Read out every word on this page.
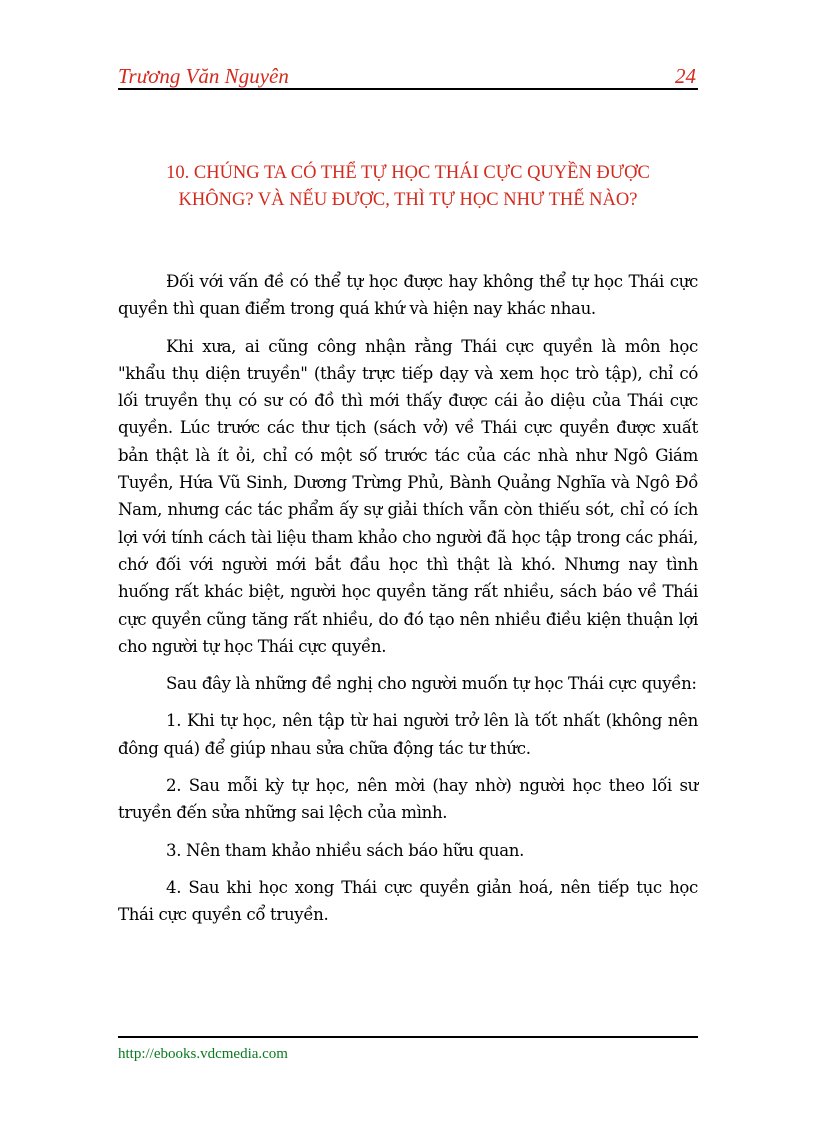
Trương Văn Nguyên	24
10. CHÚNG TA CÓ THỂ TỰ HỌC THÁI CỰC QUYỀN ĐƯỢC
KHÔNG? VÀ NẾU ĐƯỢC, THÌ TỰ HỌC NHƯ THẾ NÀO?

Đối với vấn đề có thể tự học được hay không thể tự học Thái cực quyền thì quan điểm trong quá khứ và hiện nay khác nhau.

Khi xưa, ai cũng công nhận rằng Thái cực quyền là môn học "khẩu thụ diện truyền" (thầy trực tiếp dạy và xem học trò tập), chỉ có lối truyền thụ có sư có đồ thì mới thấy được cái ảo diệu của Thái cực quyền. Lúc trước các thư tịch (sách vở) về Thái cực quyền được xuất bản thật là ít ỏi, chỉ có một số trước tác của các nhà như Ngô Giám Tuyền, Hứa Vũ Sinh, Dương Trừng Phủ, Bành Quảng Nghĩa và Ngô Đồ Nam, nhưng các tác phẩm ấy sự giải thích vẫn còn thiếu sót, chỉ có ích lợi với tính cách tài liệu tham khảo cho người đã học tập trong các phái, chớ đối với người mới bắt đầu học thì thật là khó. Nhưng nay tình huống rất khác biệt, người học quyền tăng rất nhiều, sách báo về Thái cực quyền cũng tăng rất nhiều, do đó tạo nên nhiều điều kiện thuận lợi cho người tự học Thái cực quyền.

Sau đây là những đề nghị cho người muốn tự học Thái cực quyền:

1. Khi tự học, nên tập từ hai người trở lên là tốt nhất (không nên đông quá) để giúp nhau sửa chữa động tác tư thức.

2. Sau mỗi kỳ tự học, nên mời (hay nhờ) người học theo lối sư truyền đến sửa những sai lệch của mình.

3. Nên tham khảo nhiều sách báo hữu quan.

4. Sau khi học xong Thái cực quyền giản hoá, nên tiếp tục học Thái cực quyền cổ truyền.

http://ebooks.vdcmedia.com
